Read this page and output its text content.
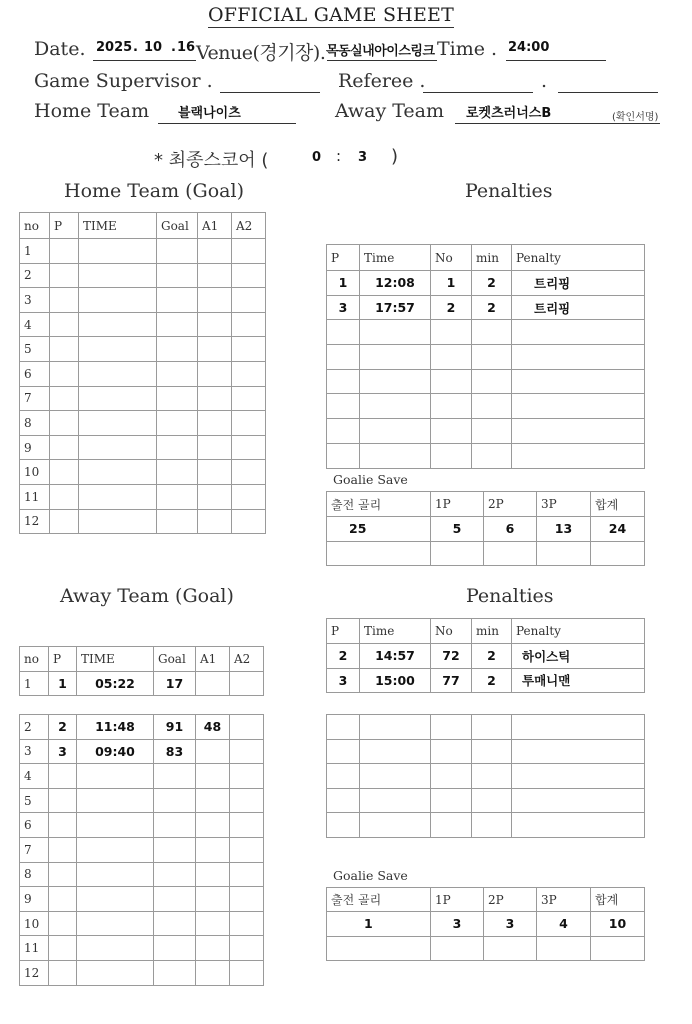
OFFICIAL GAME SHEET
Date. 2025 . 10 . 16 Venue(경기장). 목동실내아이스링크 Time . 24:00
Game Supervisor .	Referee .	.
Home Team 블랙나이츠	Away Team 로켓츠러너스B	(확인서명)
* 최종스코어 (	0 : 3 )
Home Team (Goal)	Penalties
Away Team (Goal)	Penalties
Goalie Save
Goalie Save
no	P	TIME	Goal	A1	A2
1					
2					
3					
4					
5					
6					
7					
8					
9					
10					
11					
12					
P	Time	No	min	Penalty
1	12:08	1	2	트리핑
3	17:57	2	2	트리핑

출전 골리	1P	2P	3P	합계
25	5	6	13	24

no	P	TIME	Goal	A1	A2
1	1	05:22	17		
2	2	11:48	91	48	
3	3	09:40	83		
4					
5					
6					
7					
8					
9					
10					
11					
12					
P	Time	No	min	Penalty
2	14:57	72	2	하이스틱
3	15:00	77	2	투매니맨

출전 골리	1P	2P	3P	합계
1	3	3	4	10
